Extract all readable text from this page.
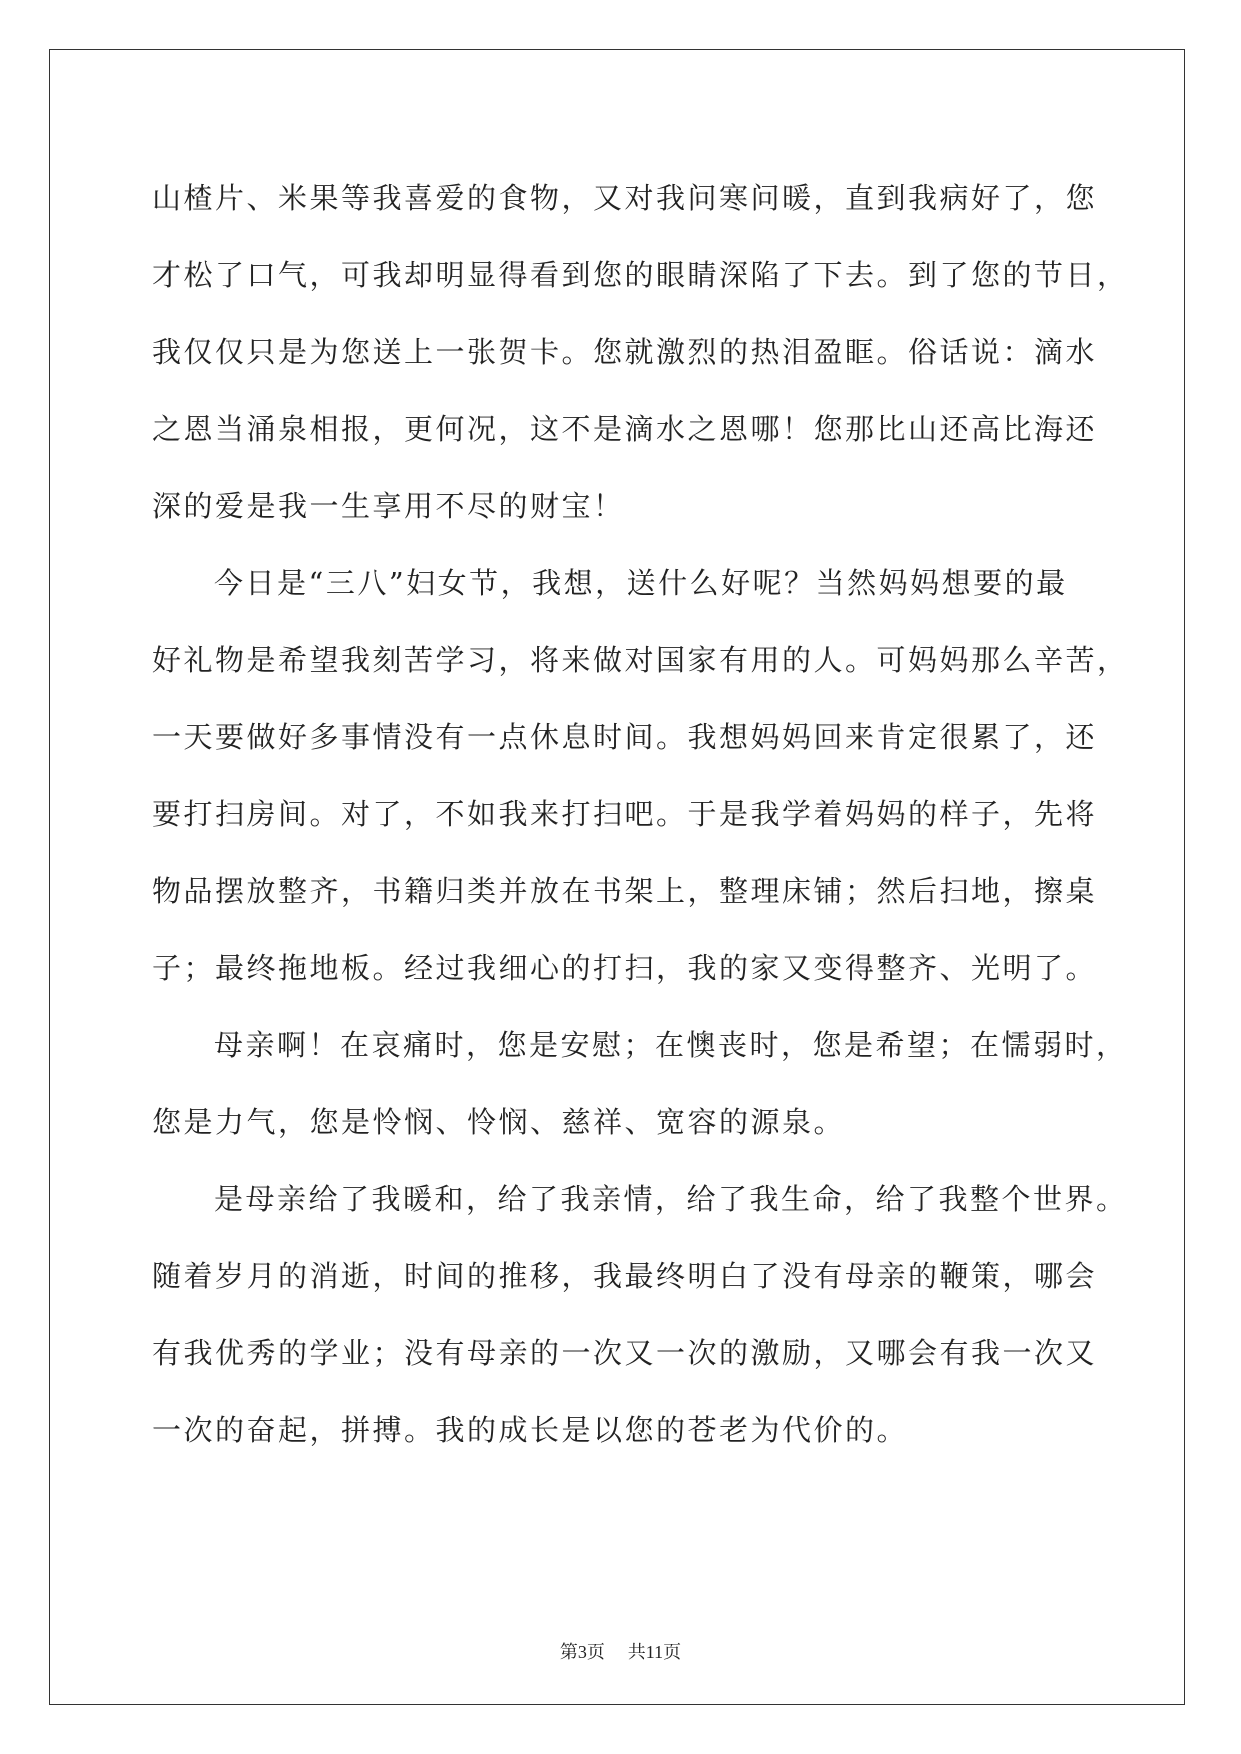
山楂片、米果等我喜爱的食物，又对我问寒问暖，直到我病好了，您
才松了口气，可我却明显得看到您的眼睛深陷了下去。到了您的节日，
我仅仅只是为您送上一张贺卡。您就激烈的热泪盈眶。俗话说：滴水
之恩当涌泉相报，更何况，这不是滴水之恩哪！您那比山还高比海还
深的爱是我一生享用不尽的财宝！
今日是“三八”妇女节，我想，送什么好呢？当然妈妈想要的最
好礼物是希望我刻苦学习，将来做对国家有用的人。可妈妈那么辛苦，
一天要做好多事情没有一点休息时间。我想妈妈回来肯定很累了，还
要打扫房间。对了，不如我来打扫吧。于是我学着妈妈的样子，先将
物品摆放整齐，书籍归类并放在书架上，整理床铺；然后扫地，擦桌
子；最终拖地板。经过我细心的打扫，我的家又变得整齐、光明了。
母亲啊！在哀痛时，您是安慰；在懊丧时，您是希望；在懦弱时，
您是力气，您是怜悯、怜悯、慈祥、宽容的源泉。
是母亲给了我暖和，给了我亲情，给了我生命，给了我整个世界。
随着岁月的消逝，时间的推移，我最终明白了没有母亲的鞭策，哪会
有我优秀的学业；没有母亲的一次又一次的激励，又哪会有我一次又
一次的奋起，拼搏。我的成长是以您的苍老为代价的。
第3页 共11页
